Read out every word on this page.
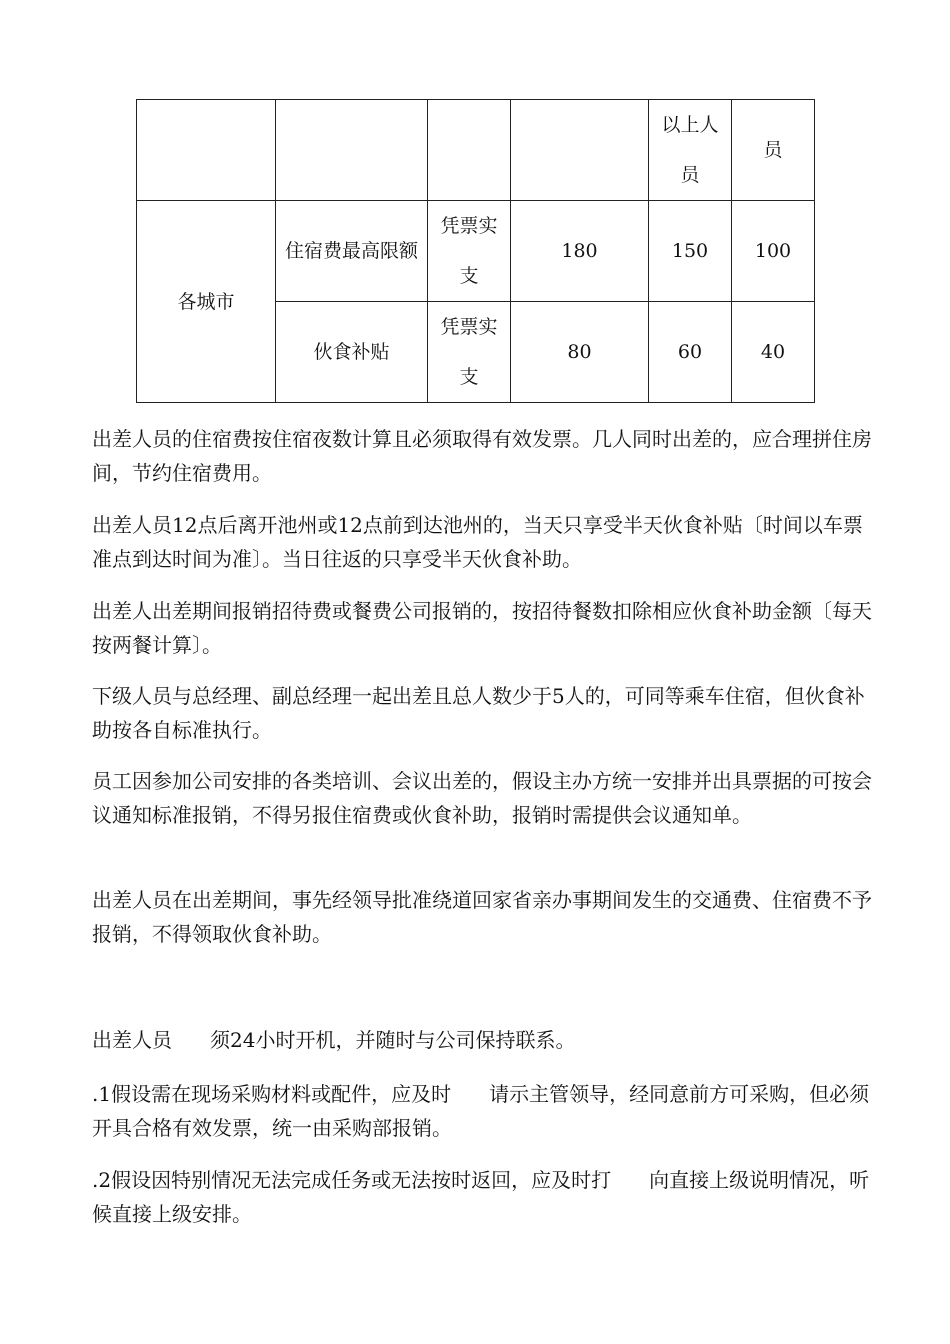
				以上人员	员
各城市	住宿费最高限额	凭票实支	180	150	100
	伙食补贴	凭票实支	80	60	40

出差人员的住宿费按住宿夜数计算且必须取得有效发票。几人同时出差的，应合理拼住房间，节约住宿费用。

出差人员12点后离开池州或12点前到达池州的，当天只享受半天伙食补贴〔时间以车票准点到达时间为准〕。当日往返的只享受半天伙食补助。

出差人出差期间报销招待费或餐费公司报销的，按招待餐数扣除相应伙食补助金额〔每天按两餐计算〕。

下级人员与总经理、副总经理一起出差且总人数少于5人的，可同等乘车住宿，但伙食补助按各自标准执行。

员工因参加公司安排的各类培训、会议出差的，假设主办方统一安排并出具票据的可按会议通知标准报销，不得另报住宿费或伙食补助，报销时需提供会议通知单。

出差人员在出差期间，事先经领导批准绕道回家省亲办事期间发生的交通费、住宿费不予报销，不得领取伙食补助。

出差人员 须24小时开机，并随时与公司保持联系。

.1假设需在现场采购材料或配件，应及时 请示主管领导，经同意前方可采购，但必须开具合格有效发票，统一由采购部报销。

.2假设因特别情况无法完成任务或无法按时返回，应及时打 向直接上级说明情况，听候直接上级安排。
